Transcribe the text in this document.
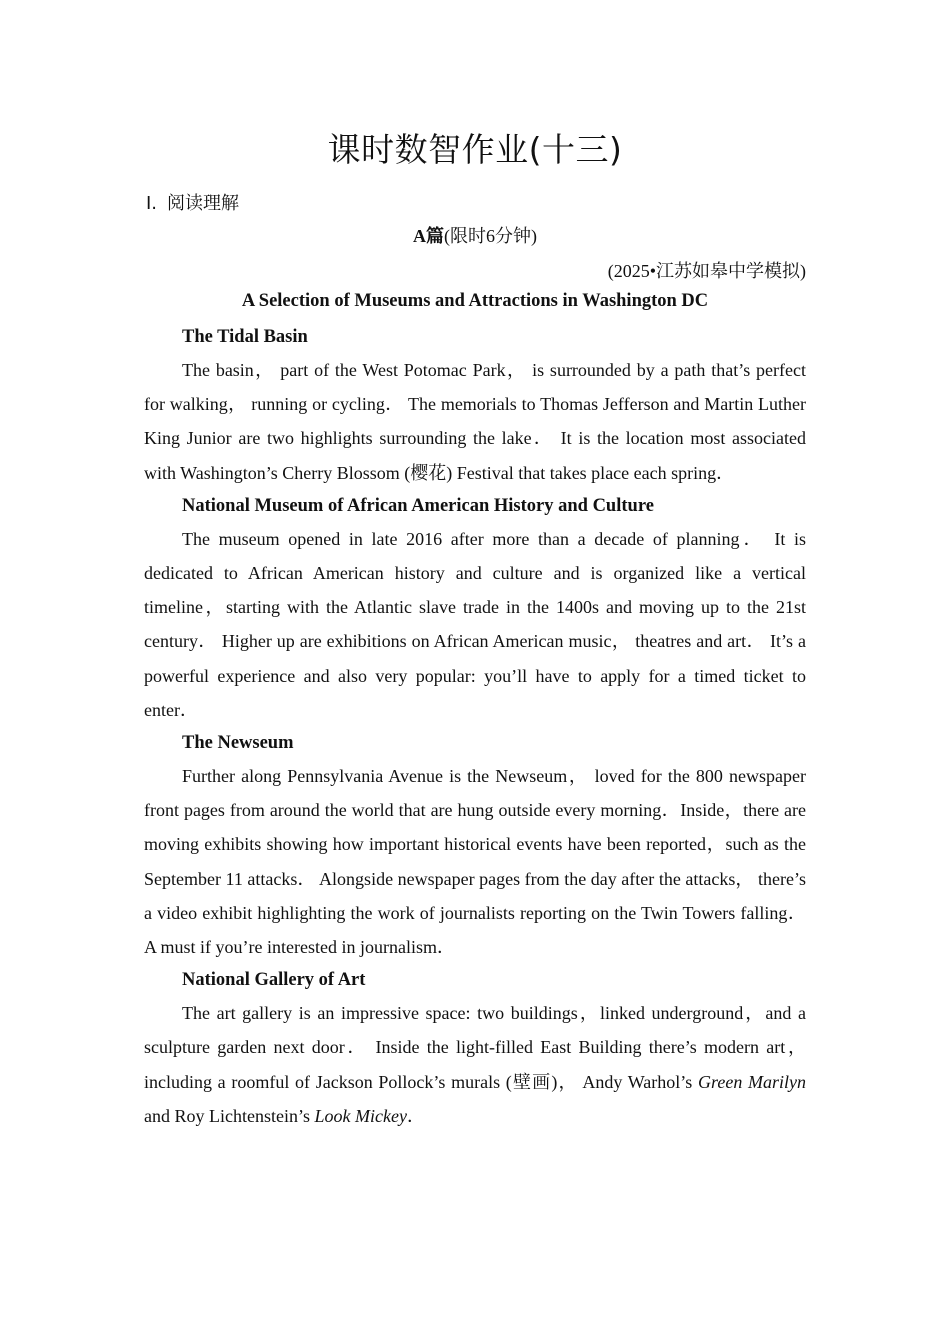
课时数智作业(十三)
Ⅰ. 阅读理解
A篇(限时6分钟)
(2025•江苏如皋中学模拟)
A Selection of Museums and Attractions in Washington DC
The Tidal Basin

The basin， part of the West Potomac Park， is surrounded by a path that’s perfect for walking， running or cycling． The memorials to Thomas Jefferson and Martin Luther King Junior are two highlights surrounding the lake． It is the location most associated with Washington’s Cherry Blossom (樱花) Festival that takes place each spring．

National Museum of African American History and Culture

The museum opened in late 2016 after more than a decade of planning． It is dedicated to African American history and culture and is organized like a vertical timeline，starting with the Atlantic slave trade in the 1400s and moving up to the 21st century． Higher up are exhibitions on African American music， theatres and art． It’s a powerful experience and also very popular: you’ll have to apply for a timed ticket to enter．

The Newseum

Further along Pennsylvania Avenue is the Newseum， loved for the 800 newspaper front pages from around the world that are hung outside every morning．Inside，there are moving exhibits showing how important historical events have been reported，such as the September 11 attacks． Alongside newspaper pages from the day after the attacks， there’s a video exhibit highlighting the work of journalists reporting on the Twin Towers falling． A must if you’re interested in journalism．

National Gallery of Art

The art gallery is an impressive space: two buildings，linked underground，and a sculpture garden next door． Inside the light-filled East Building there’s modern art， including a roomful of Jackson Pollock’s murals (壁画)， Andy Warhol’s Green Marilyn and Roy Lichtenstein’s Look Mickey．
